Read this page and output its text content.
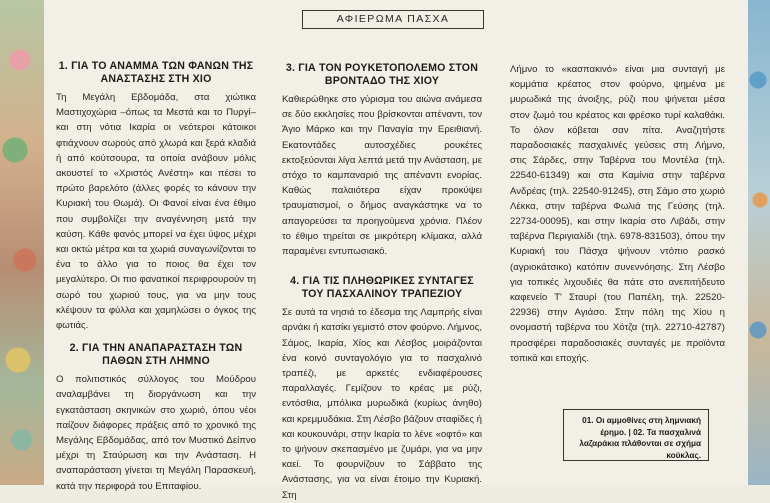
ΑΦΙΕΡΩΜΑ ΠΑΣΧΑ
1. ΓΙΑ ΤΟ ΑΝΑΜΜΑ ΤΩΝ ΦΑΝΩΝ ΤΗΣ ΑΝΑΣΤΑΣΗΣ ΣΤΗ ΧΙΟ

Τη Μεγάλη Εβδομάδα, στα χιώτικα Μαστιχοχώρια –όπως τα Μεστά και το Πυργί– και στη νότια Ικαρία οι νεότεροι κάτοικοι φτιάχνουν σωρούς από χλωρά και ξερά κλαδιά ή από κούτσουρα, τα οποία ανάβουν μόλις ακουστεί το «Χριστός Ανέστη» και πέσει το πρώτο βαρελότο (άλλες φορές το κάνουν την Κυριακή του Θωμά). Οι Φανοί είναι ένα έθιμο που συμβολίζει την αναγέννηση μετά την καύση. Κάθε φανός μπορεί να έχει ύψος μέχρι και οκτώ μέτρα και τα χωριά συναγωνίζονται το ένα το άλλο για το ποιος θα έχει τον μεγαλύτερο. Οι πιο φανατικοί περιφρουρούν τη σωρό του χωριού τους, για να μην τους κλέψουν τα φύλλα και χαμηλώσει ο όγκος της φωτιάς.

2. ΓΙΑ ΤΗΝ ΑΝΑΠΑΡΑΣΤΑΣΗ ΤΩΝ ΠΑΘΩΝ ΣΤΗ ΛΗΜΝΟ

Ο πολιτιστικός σύλλογος του Μούδρου αναλαμβάνει τη διοργάνωση και την εγκατάσταση σκηνικών στο χωριό, όπου νέοι παίζουν διάφορες πράξεις από το χρονικό της Μεγάλης Εβδομάδας, από τον Μυστικό Δείπνο μέχρι τη Σταύρωση και την Ανάσταση. Η αναπαράσταση γίνεται τη Μεγάλη Παρασκευή, κατά την περιφορά του Επιταφίου.

3. ΓΙΑ ΤΟΝ ΡΟΥΚΕΤΟΠΟΛΕΜΟ ΣΤΟΝ ΒΡΟΝΤΑΔΟ ΤΗΣ ΧΙΟΥ

Καθιερώθηκε στο γύρισμα του αιώνα ανάμεσα σε δύο εκκλησίες που βρίσκονται απέναντι, τον Άγιο Μάρκο και την Παναγία την Ερειθιανή. Εκατοντάδες αυτοσχέδιες ρουκέτες εκτοξεύονται λίγα λεπτά μετά την Ανάσταση, με στόχο το καμπαναριό της απέναντι ενορίας. Καθώς παλαιότερα είχαν προκύψει τραυματισμοί, ο δήμος αναγκάστηκε να το απαγορεύσει τα προηγούμενα χρόνια. Πλέον το έθιμο τηρείται σε μικρότερη κλίμακα, αλλά παραμένει εντυπωσιακό.

4. ΓΙΑ ΤΙΣ ΠΛΗΘΩΡΙΚΕΣ ΣΥΝΤΑΓΕΣ ΤΟΥ ΠΑΣΧΑΛΙΝΟΥ ΤΡΑΠΕΖΙΟΥ

Σε αυτά τα νησιά το έδεσμα της Λαμπρής είναι αρνάκι ή κατσίκι γεμιστό στον φούρνο. Λήμνος, Σάμος, Ικαρία, Χίος και Λέσβος μοιράζονται ένα κοινό συνταγολόγιο για το πασχαλινό τραπέζι, με αρκετές ενδιαφέρουσες παραλλαγές. Γεμίζουν το κρέας με ρύζι, εντόσθια, μπόλικα μυρωδικά (κυρίως άνηθο) και κρεμμυδάκια. Στη Λέσβο βάζουν σταφίδες ή και κουκουνάρι, στην Ικαρία το λένε «οφτό» και το ψήνουν σκεπασμένο με ζυμάρι, για να μην καεί. Το φουρνίζουν το Σάββατο της Ανάστασης, για να είναι έτοιμο την Κυριακή. Στη

Λήμνο το «κασπακινό» είναι μια συνταγή με κομμάτια κρέατος στον φούρνο, ψημένα με μυρωδικά της άνοιξης, ρύζι που ψήνεται μέσα στον ζωμό του κρέατος και φρέσκο τυρί καλαθάκι. Το όλον κόβεται σαν πίτα. Αναζητήστε παραδοσιακές πασχαλινές γεύσεις στη Λήμνο, στις Σάρδες, στην Ταβέρνα του Μοντέλα (τηλ. 22540-61349) και στα Καμίνια στην ταβέρνα Ανδρέας (τηλ. 22540-91245), στη Σάμο στο χωριό Λέκκα, στην ταβέρνα Φωλιά της Γεύσης (τηλ. 22734-00095), και στην Ικαρία στο Λιβάδι, στην ταβέρνα Περιγιαλίδι (τηλ. 6978-831503), όπου την Κυριακή του Πάσχα ψήνουν ντόπιο ρασκό (αγριοκάτσικο) κατόπιν συνεννόησης. Στη Λέσβο για τοπικές λιχουδιές θα πάτε στο ανεπιτήδευτο καφενείο Τ' Σταυρί (του Παπέλη, τηλ. 22520-22936) στην Αγιάσο. Στην πόλη της Χίου η ονομαστή ταβέρνα του Χότζα (τηλ. 22710-42787) προσφέρει παραδοσιακές συνταγές με προϊόντα τοπικά και εποχής.

01. Οι αμμοθίνες στη λημνιακή έρημο. | 02. Τα πασχαλινά λαζαράκια πλάθονται σε σχήμα κούκλας.
